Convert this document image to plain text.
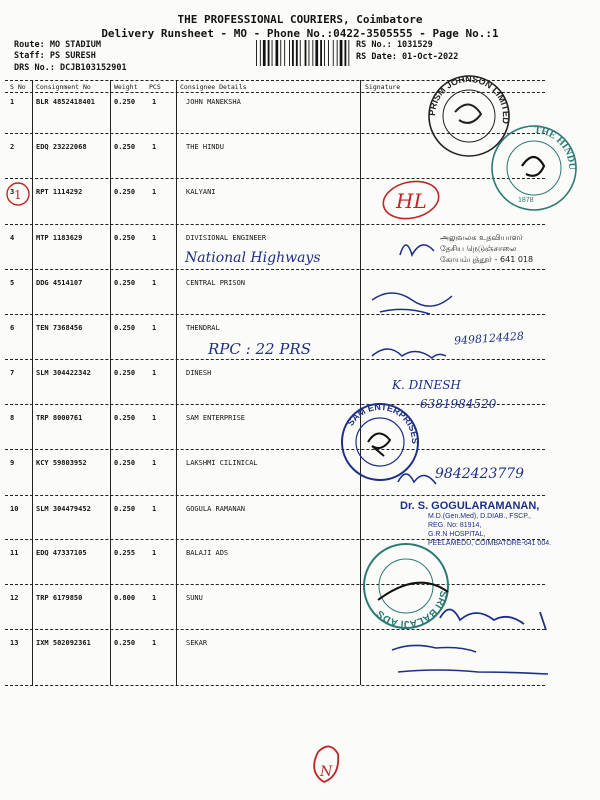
THE PROFESSIONAL COURIERS, Coimbatore
Delivery Runsheet - MO - Phone No.:0422-3505555 - Page No.:1
Route: MO STADIUM
Staff: PS SURESH
DRS No.: DCJB103152901
RS No.: 1031529
RS Date: 01-Oct-2022
S No Consignment No	Weight PCS	Consignee Details	Signature
1	BLR 4852418401	0.250 1	JOHN MANEKSHA
2	EDQ 23222068	0.250 1	THE HINDU
3	RPT 1114292	0.250 1	KALYANI
4	MTP 1183629	0.250 1	DIVISIONAL ENGINEER
5	DDG 4514107	0.250 1	CENTRAL PRISON
6	TEN 7368456	0.250 1	THENDRAL
7	SLM 304422342	0.250 1	DINESH
8	TRP 8000761	0.250 1	SAM ENTERPRISE
9	KCY 59803952	0.250 1	LAKSHMI CILINICAL
10	SLM 304479452	0.250 1	GOGULA RAMANAN
11	EDQ 47337105	0.255 1	BALAJI ADS
12	TRP 6179850	0.800 1	SUNU
13	IXM 502092361	0.250 1	SEKAR
PRISM JOHNSON LIMITED
THE HINDU
1878
SAM ENTERPRISES
SRI BALAJI ADS
அலுவலக உதவியாளர்
தேசிய நெடுஞ்சாலை
கோயம்புத்தூர் - 641 018
Dr. S. GOGULARAMANAN,
M.D.(Gen.Med), D.DIAB., FSCP.,
REG. No: 81914,
G.R.N HOSPITAL,
PEELAMEDU, COIMBATORE-641 004.
HL
1
National Highways
RPC : 22 PRS
9498124428
K. DINESH
6381984520
9842423779
N
